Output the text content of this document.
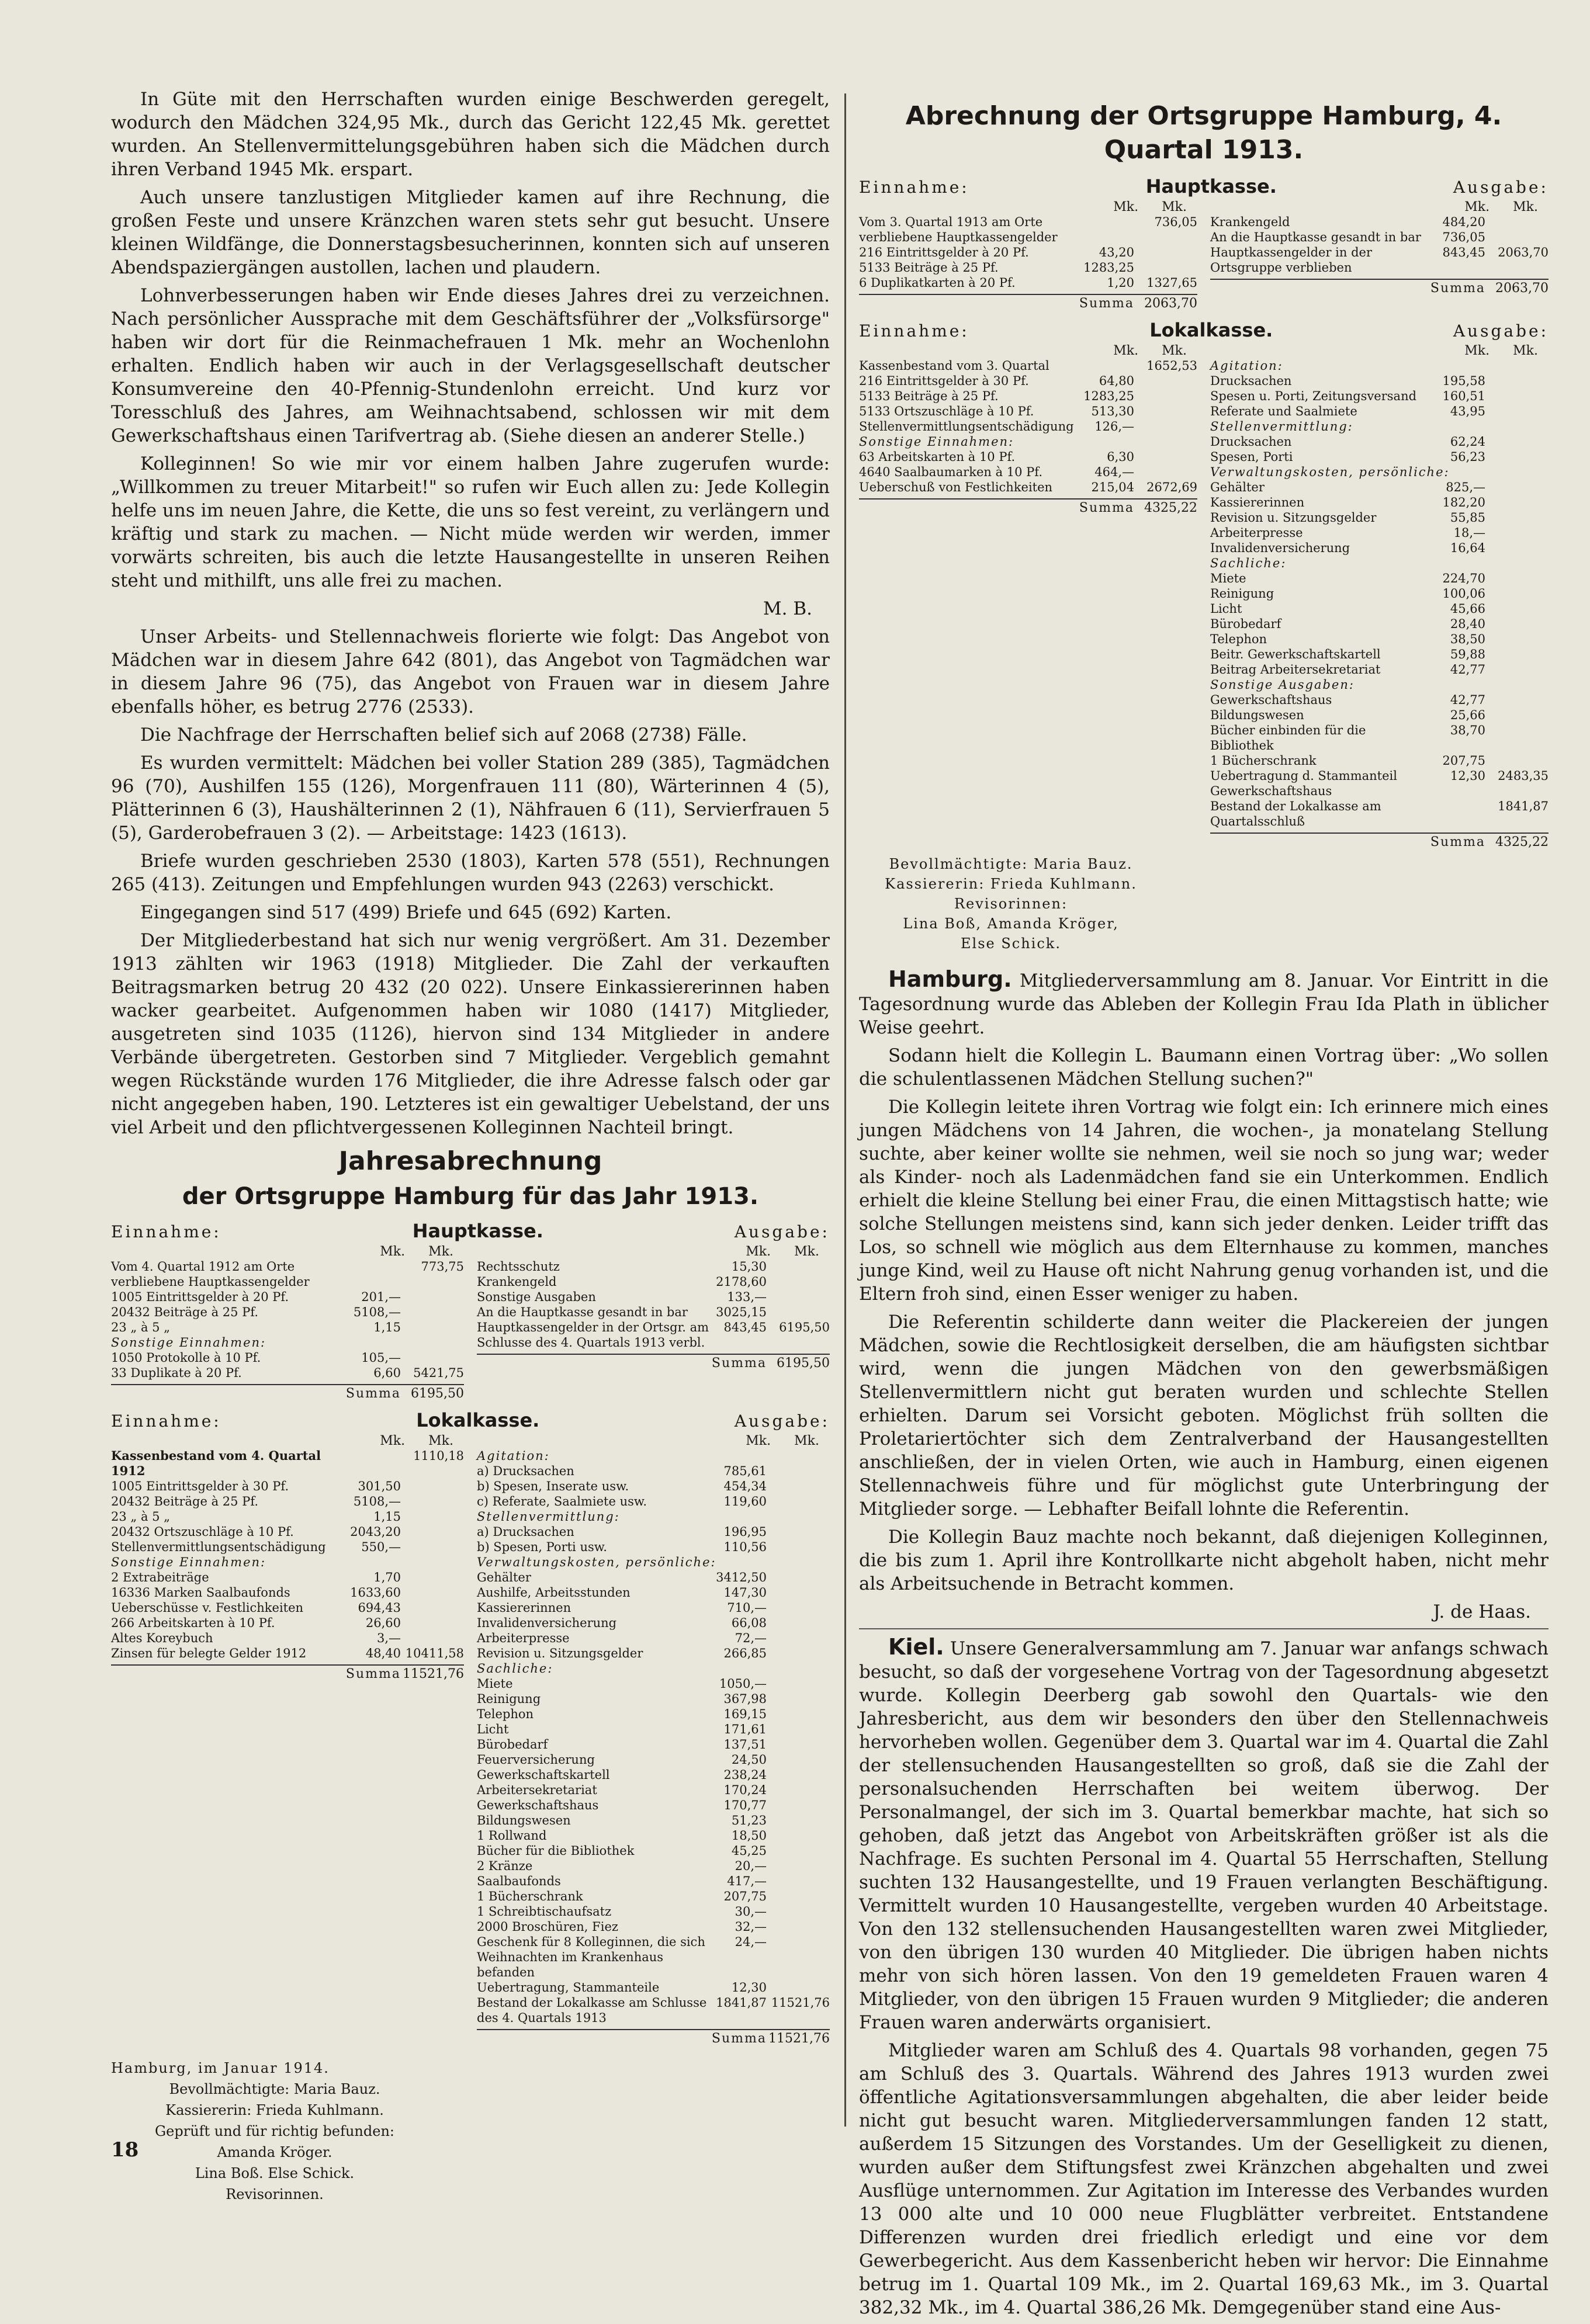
In Güte mit den Herrschaften wurden einige Beschwerden geregelt, wodurch den Mädchen 324,95 Mk., durch das Gericht 122,45 Mk. gerettet wurden. An Stellenvermittelungsgebühren haben sich die Mädchen durch ihren Verband 1945 Mk. erspart.

Auch unsere tanzlustigen Mitglieder kamen auf ihre Rechnung, die großen Feste und unsere Kränzchen waren stets sehr gut besucht. Unsere kleinen Wildfänge, die Donnerstagsbesucherinnen, konnten sich auf unseren Abendspaziergängen austollen, lachen und plaudern.

Lohnverbesserungen haben wir Ende dieses Jahres drei zu verzeichnen. Nach persönlicher Aussprache mit dem Geschäftsführer der „Volksfürsorge" haben wir dort für die Reinmachefrauen 1 Mk. mehr an Wochenlohn erhalten. Endlich haben wir auch in der Verlagsgesellschaft deutscher Konsumvereine den 40-Pfennig-Stundenlohn erreicht. Und kurz vor Toresschluß des Jahres, am Weihnachtsabend, schlossen wir mit dem Gewerkschaftshaus einen Tarifvertrag ab. (Siehe diesen an anderer Stelle.)

Kolleginnen! So wie mir vor einem halben Jahre zugerufen wurde: „Willkommen zu treuer Mitarbeit!" so rufen wir Euch allen zu: Jede Kollegin helfe uns im neuen Jahre, die Kette, die uns so fest vereint, zu verlängern und kräftig und stark zu machen. — Nicht müde werden wir werden, immer vorwärts schreiten, bis auch die letzte Hausangestellte in unseren Reihen steht und mithilft, uns alle frei zu machen.

M. B.

Unser Arbeits- und Stellennachweis florierte wie folgt: Das Angebot von Mädchen war in diesem Jahre 642 (801), das Angebot von Tagmädchen war in diesem Jahre 96 (75), das Angebot von Frauen war in diesem Jahre ebenfalls höher, es betrug 2776 (2533).

Die Nachfrage der Herrschaften belief sich auf 2068 (2738) Fälle.

Es wurden vermittelt: Mädchen bei voller Station 289 (385), Tagmädchen 96 (70), Aushilfen 155 (126), Morgenfrauen 111 (80), Wärterinnen 4 (5), Plätterinnen 6 (3), Haushälterinnen 2 (1), Nähfrauen 6 (11), Servierfrauen 5 (5), Garderobefrauen 3 (2). — Arbeitstage: 1423 (1613).

Briefe wurden geschrieben 2530 (1803), Karten 578 (551), Rechnungen 265 (413). Zeitungen und Empfehlungen wurden 943 (2263) verschickt.

Eingegangen sind 517 (499) Briefe und 645 (692) Karten.

Der Mitgliederbestand hat sich nur wenig vergrößert. Am 31. Dezember 1913 zählten wir 1963 (1918) Mitglieder. Die Zahl der verkauften Beitragsmarken betrug 20 432 (20 022). Unsere Einkassiererinnen haben wacker gearbeitet. Aufgenommen haben wir 1080 (1417) Mitglieder, ausgetreten sind 1035 (1126), hiervon sind 134 Mitglieder in andere Verbände übergetreten. Gestorben sind 7 Mitglieder. Vergeblich gemahnt wegen Rückstände wurden 176 Mitglieder, die ihre Adresse falsch oder gar nicht angegeben haben, 190. Letzteres ist ein gewaltiger Uebelstand, der uns viel Arbeit und den pflichtvergessenen Kolleginnen Nachteil bringt.

Jahresabrechnung
der Ortsgruppe Hamburg für das Jahr 1913.
Einnahme:	Hauptkasse.	Ausgabe:
Mk. Mk.
Vom 4. Quartal 1912 am Orte verbliebene Hauptkassengelder
773,75
1005 Eintrittsgelder à 20 Pf.	201,—
20432 Beiträge à 25 Pf.	5108,—
23 „ à 5 „	1,15
Sonstige Einnahmen:
1050 Protokolle à 10 Pf.	105,—
33 Duplikate à 20 Pf.	6,60	5421,75
Summa 6195,50
Mk. Mk.
Rechtsschutz	15,30
Krankengeld	2178,60
Sonstige Ausgaben	133,—
An die Hauptkasse gesandt in bar	3025,15
Hauptkassengelder in der Ortsgr. am Schlusse des 4. Quartals 1913 verbl.
843,45	6195,50
Summa 6195,50
Einnahme:	Lokalkasse.	Ausgabe:
Mk. Mk.
Kassenbestand vom 4. Quartal 1912
1110,18
1005 Eintrittsgelder à 30 Pf.	301,50
20432 Beiträge à 25 Pf.	5108,—
23 „ à 5 „	1,15
20432 Ortszuschläge à 10 Pf.	2043,20
Stellenvermittlungsentschädigung	550,—
Sonstige Einnahmen:
2 Extrabeiträge	1,70
16336 Marken Saalbaufonds	1633,60
Ueberschüsse v. Festlichkeiten	694,43
266 Arbeitskarten à 10 Pf.	26,60
Altes Koreybuch	3,—
Zinsen für belegte Gelder 1912	48,40 10411,58
Summa 11521,76
Mk. Mk.
Agitation:
a) Drucksachen	785,61
b) Spesen, Inserate usw.	454,34
c) Referate, Saalmiete usw.	119,60
Stellenvermittlung:
a) Drucksachen	196,95
b) Spesen, Porti usw.	110,56
Verwaltungskosten, persönliche:
Gehälter	3412,50
Aushilfe, Arbeitsstunden	147,30
Kassiererinnen	710,—
Invalidenversicherung	66,08
Arbeiterpresse	72,—
Revision u. Sitzungsgelder	266,85
Sachliche:
Miete	1050,—
Reinigung	367,98
Telephon	169,15
Licht	171,61
Bürobedarf	137,51
Feuerversicherung	24,50
Gewerkschaftskartell	238,24
Arbeitersekretariat	170,24
Gewerkschaftshaus	170,77
Bildungswesen	51,23
1 Rollwand	18,50
Bücher für die Bibliothek	45,25
2 Kränze	20,—
Saalbaufonds	417,—
1 Bücherschrank	207,75
1 Schreibtischaufsatz	30,—
2000 Broschüren, Fiez	32,—
Geschenk für 8 Kolleginnen, die sich Weihnachten im Krankenhaus befanden
24,—
Uebertragung, Stammanteile	12,30
Bestand der Lokalkasse am Schlusse des 4. Quartals 1913
1841,87 11521,76
Summa 11521,76
Hamburg, im Januar 1914.
Bevollmächtigte: Maria Bauz.
Kassiererin: Frieda Kuhlmann.
Geprüft und für richtig befunden:
Amanda Kröger.
Lina Boß. Else Schick.
Revisorinnen.
Abrechnung der Ortsgruppe Hamburg, 4. Quartal 1913.
Einnahme:	Hauptkasse.	Ausgabe:
Mk. Mk.
Vom 3. Quartal 1913 am Orte verbliebene Hauptkassengelder
736,05
216 Eintrittsgelder à 20 Pf.	43,20
5133 Beiträge à 25 Pf.	1283,25
6 Duplikatkarten à 20 Pf.	1,20	1327,65
Summa 2063,70
Mk. Mk.
Krankengeld	484,20
An die Hauptkasse gesandt in bar	736,05
Hauptkassengelder in der Ortsgruppe verblieben
843,45	2063,70
Summa 2063,70
Einnahme:	Lokalkasse.	Ausgabe:
Mk. Mk.
Kassenbestand vom 3. Quartal	1652,53
216 Eintrittsgelder à 30 Pf.	64,80
5133 Beiträge à 25 Pf.	1283,25
5133 Ortszuschläge à 10 Pf.	513,30
Stellenvermittlungsentschädigung	126,—
Sonstige Einnahmen:
63 Arbeitskarten à 10 Pf.	6,30
4640 Saalbaumarken à 10 Pf.	464,—
Ueberschuß von Festlichkeiten	215,04	2672,69
Summa 4325,22
Mk. Mk.
Agitation:
Drucksachen	195,58
Spesen u. Porti, Zeitungsversand	160,51
Referate und Saalmiete	43,95
Stellenvermittlung:
Drucksachen	62,24
Spesen, Porti	56,23
Verwaltungskosten, persönliche:
Gehälter	825,—
Kassiererinnen	182,20
Revision u. Sitzungsgelder	55,85
Arbeiterpresse	18,—
Invalidenversicherung	16,64
Sachliche:
Miete	224,70
Reinigung	100,06
Licht	45,66
Bürobedarf	28,40
Telephon	38,50
Beitr. Gewerkschaftskartell	59,88
Beitrag Arbeitersekretariat	42,77
Sonstige Ausgaben:
Gewerkschaftshaus	42,77
Bildungswesen	25,66
Bücher einbinden für die Bibliothek
38,70
1 Bücherschrank	207,75
Uebertragung d. Stammanteil Gewerkschaftshaus
12,30	2483,35
Bestand der Lokalkasse am Quartalsschluß
1841,87
Summa 4325,22
Bevollmächtigte: Maria Bauz.
Kassiererin: Frieda Kuhlmann.
Revisorinnen:
Lina Boß, Amanda Kröger,
Else Schick.

Hamburg. Mitgliederversammlung am 8. Januar. Vor Eintritt in die Tagesordnung wurde das Ableben der Kollegin Frau Ida Plath in üblicher Weise geehrt.

Sodann hielt die Kollegin L. Baumann einen Vortrag über: „Wo sollen die schulentlassenen Mädchen Stellung suchen?"

Die Kollegin leitete ihren Vortrag wie folgt ein: Ich erinnere mich eines jungen Mädchens von 14 Jahren, die wochen-, ja monatelang Stellung suchte, aber keiner wollte sie nehmen, weil sie noch so jung war; weder als Kinder- noch als Ladenmädchen fand sie ein Unterkommen. Endlich erhielt die kleine Stellung bei einer Frau, die einen Mittagstisch hatte; wie solche Stellungen meistens sind, kann sich jeder denken. Leider trifft das Los, so schnell wie möglich aus dem Elternhause zu kommen, manches junge Kind, weil zu Hause oft nicht Nahrung genug vorhanden ist, und die Eltern froh sind, einen Esser weniger zu haben.

Die Referentin schilderte dann weiter die Plackereien der jungen Mädchen, sowie die Rechtlosigkeit derselben, die am häufigsten sichtbar wird, wenn die jungen Mädchen von den gewerbsmäßigen Stellenvermittlern nicht gut beraten wurden und schlechte Stellen erhielten. Darum sei Vorsicht geboten. Möglichst früh sollten die Proletariertöchter sich dem Zentralverband der Hausangestellten anschließen, der in vielen Orten, wie auch in Hamburg, einen eigenen Stellennachweis führe und für möglichst gute Unterbringung der Mitglieder sorge. — Lebhafter Beifall lohnte die Referentin.

Die Kollegin Bauz machte noch bekannt, daß diejenigen Kolleginnen, die bis zum 1. April ihre Kontrollkarte nicht abgeholt haben, nicht mehr als Arbeitsuchende in Betracht kommen.

J. de Haas.

Kiel. Unsere Generalversammlung am 7. Januar war anfangs schwach besucht, so daß der vorgesehene Vortrag von der Tagesordnung abgesetzt wurde. Kollegin Deerberg gab sowohl den Quartals- wie den Jahresbericht, aus dem wir besonders den über den Stellennachweis hervorheben wollen. Gegenüber dem 3. Quartal war im 4. Quartal die Zahl der stellensuchenden Hausangestellten so groß, daß sie die Zahl der personalsuchenden Herrschaften bei weitem überwog. Der Personalmangel, der sich im 3. Quartal bemerkbar machte, hat sich so gehoben, daß jetzt das Angebot von Arbeitskräften größer ist als die Nachfrage. Es suchten Personal im 4. Quartal 55 Herrschaften, Stellung suchten 132 Hausangestellte, und 19 Frauen verlangten Beschäftigung. Vermittelt wurden 10 Hausangestellte, vergeben wurden 40 Arbeitstage. Von den 132 stellensuchenden Hausangestellten waren zwei Mitglieder, von den übrigen 130 wurden 40 Mitglieder. Die übrigen haben nichts mehr von sich hören lassen. Von den 19 gemeldeten Frauen waren 4 Mitglieder, von den übrigen 15 Frauen wurden 9 Mitglieder; die anderen Frauen waren anderwärts organisiert.

Mitglieder waren am Schluß des 4. Quartals 98 vorhanden, gegen 75 am Schluß des 3. Quartals. Während des Jahres 1913 wurden zwei öffentliche Agitationsversammlungen abgehalten, die aber leider beide nicht gut besucht waren. Mitgliederversammlungen fanden 12 statt, außerdem 15 Sitzungen des Vorstandes. Um der Geselligkeit zu dienen, wurden außer dem Stiftungsfest zwei Kränzchen abgehalten und zwei Ausflüge unternommen. Zur Agitation im Interesse des Verbandes wurden 13 000 alte und 10 000 neue Flugblätter verbreitet. Entstandene Differenzen wurden drei friedlich erledigt und eine vor dem Gewerbegericht. Aus dem Kassenbericht heben wir hervor: Die Einnahme betrug im 1. Quartal 109 Mk., im 2. Quartal 169,63 Mk., im 3. Quartal 382,32 Mk., im 4. Quartal 386,26 Mk. Demgegenüber stand eine Aus-

18
